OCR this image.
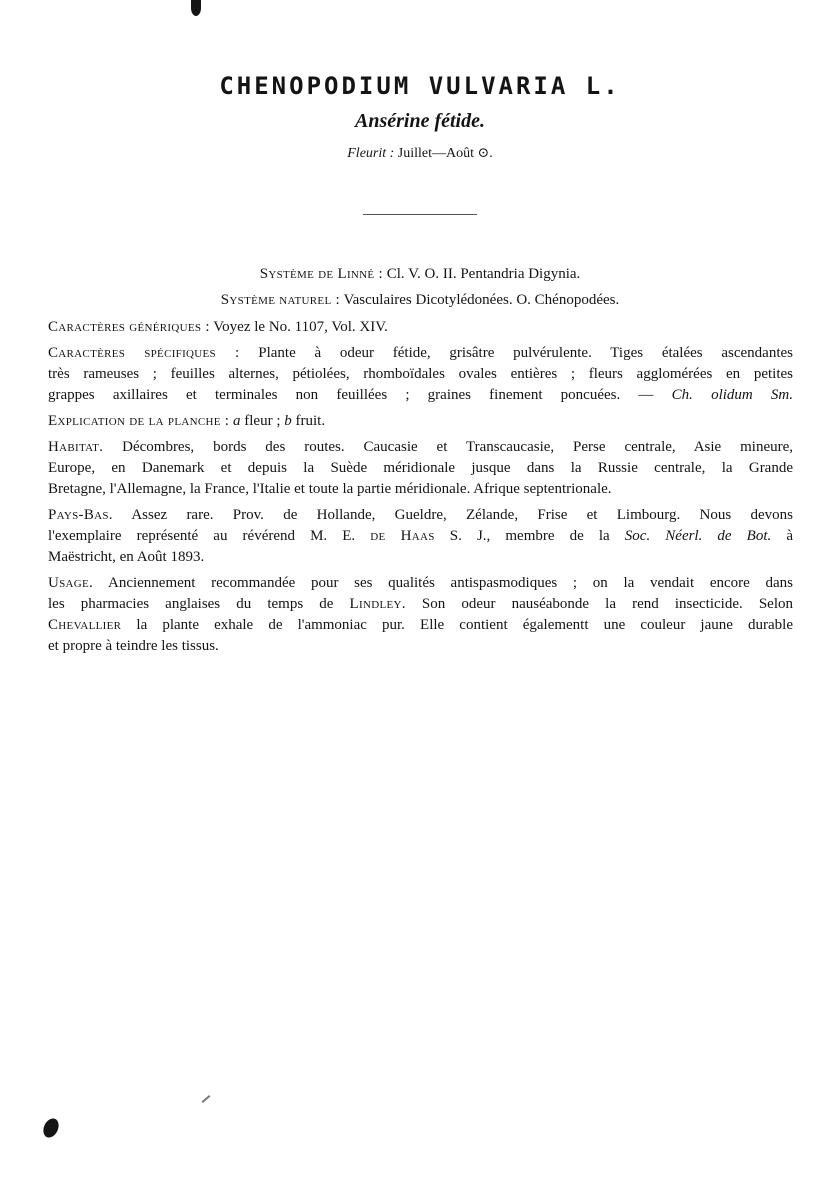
CHENOPODIUM VULVARIA L.
Ansérine fétide.

Fleurit : Juillet—Août ⊙.

Système de Linné : Cl. V. O. II. Pentandria Digynia.

Système naturel : Vasculaires Dicotylédonées. O. Chénopodées.

Caractères génériques : Voyez le No. 1107, Vol. XIV.

Caractères spécifiques : Plante à odeur fétide, grisâtre pulvérulente. Tiges étalées ascendantes
très rameuses ; feuilles alternes, pétiolées, rhomboïdales ovales entières ; fleurs agglomérées en petites
grappes axillaires et terminales non feuillées ; graines finement poncuées. — Ch. olidum Sm.

Explication de la planche : a fleur ; b fruit.

Habitat. Décombres, bords des routes. Caucasie et Transcaucasie, Perse centrale, Asie mineure,
Europe, en Danemark et depuis la Suède méridionale jusque dans la Russie centrale, la Grande
Bretagne, l'Allemagne, la France, l'Italie et toute la partie méridionale. Afrique septentrionale.

Pays-Bas. Assez rare. Prov. de Hollande, Gueldre, Zélande, Frise et Limbourg. Nous devons
l'exemplaire représenté au révérend M. E. de Haas S. J., membre de la Soc. Néerl. de Bot. à
Maëstricht, en Août 1893.

Usage. Anciennement recommandée pour ses qualités antispasmodiques ; on la vendait encore dans
les pharmacies anglaises du temps de Lindley. Son odeur nauséabonde la rend insecticide. Selon
Chevallier la plante exhale de l'ammoniac pur. Elle contient égalementt une couleur jaune durable
et propre à teindre les tissus.
